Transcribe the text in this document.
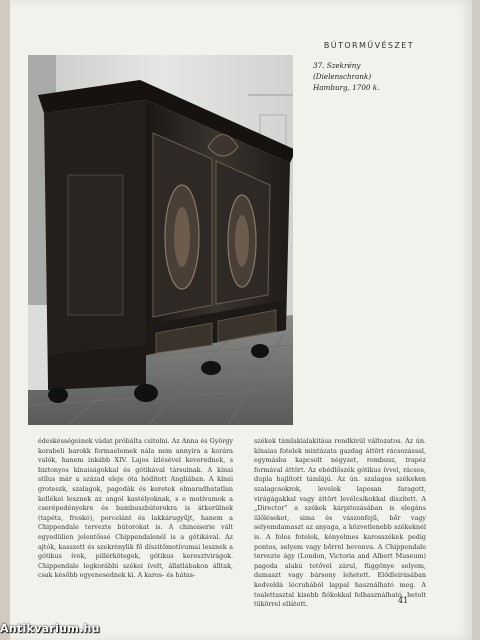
BÚTORMŰVÉSZET
37. Szekrény
(Dielenschrank)
Hamburg, 1700 k.

édeskésségeinek vádat próbálta csitolni. Az Anna és György korabeli barokk formaelemek nála nem annyira a korára valók, hanem inkább XIV. Lajos ízlésével keverednek, s biztonyos kínaiságokkal és gótikával társulnak. A kínai stílus már a század eleje óta hódított Angliában. A kínai groteszk, szalagok, pagodák és keretek elmaradhatatlan kellékei lesznek az angol kastélyoknak, s e motívumok a cserépedényekre és bambuszbútorokra is átkerülnek (tapéta, freskó), porcelánt és lakkárugyűjt, hanem a Chippendale tervezte bútorokat is. A chinoiserie vált egyedülien jelentőssé Chippendalenél is a gótikával. Az ajtók, kasszett és szekrénylik fő díszítőmotívumai lesznek a gótikus ívek, pillérkötegek, gótikus keresztvirágok. Chippendale legkorábbi székei ívelt, állatlábakon álltak, csak később egyenesednek ki. A karos- és hátas-

székek támlakialakítása rendkívül változatos. Az ún. kínaias fotelek mintázata gazdag áttört rácsozással, egymásba kapcsolt négyzet, rombusz, trapéz formával áttört. Az ebédlőszék gótikus ívvel, rácsos, dupla hajlított támlájú. Az ún. szalagos székeken szalagcsokrok, levelek laposan faragott, virágágakkal vagy áttört levélcsíkokkal díszített. A „Director” a székek kárpitozásában is elegáns ülőléseket, sima és vászonfejű, bőr vagy selyemdamaszt az anyaga, a közvetlenebb székeknél is. A foles fotelek, kényelmes karosszékek pedig pontos, selyem vagy bőrrel bevonva. A Chippendale tervezte ágy (London, Victoria and Albert Museum) pagoda alakú tetővel zárul, függönye selyem, damaszt vagy bársony lehetett. Elődleirásában kedveldá lécruhából lappal használható meg. A toalettasztal kisebb fiókokkal felhasználható, betolt tükörrel ellátott.	41
Antikvarium.hu
